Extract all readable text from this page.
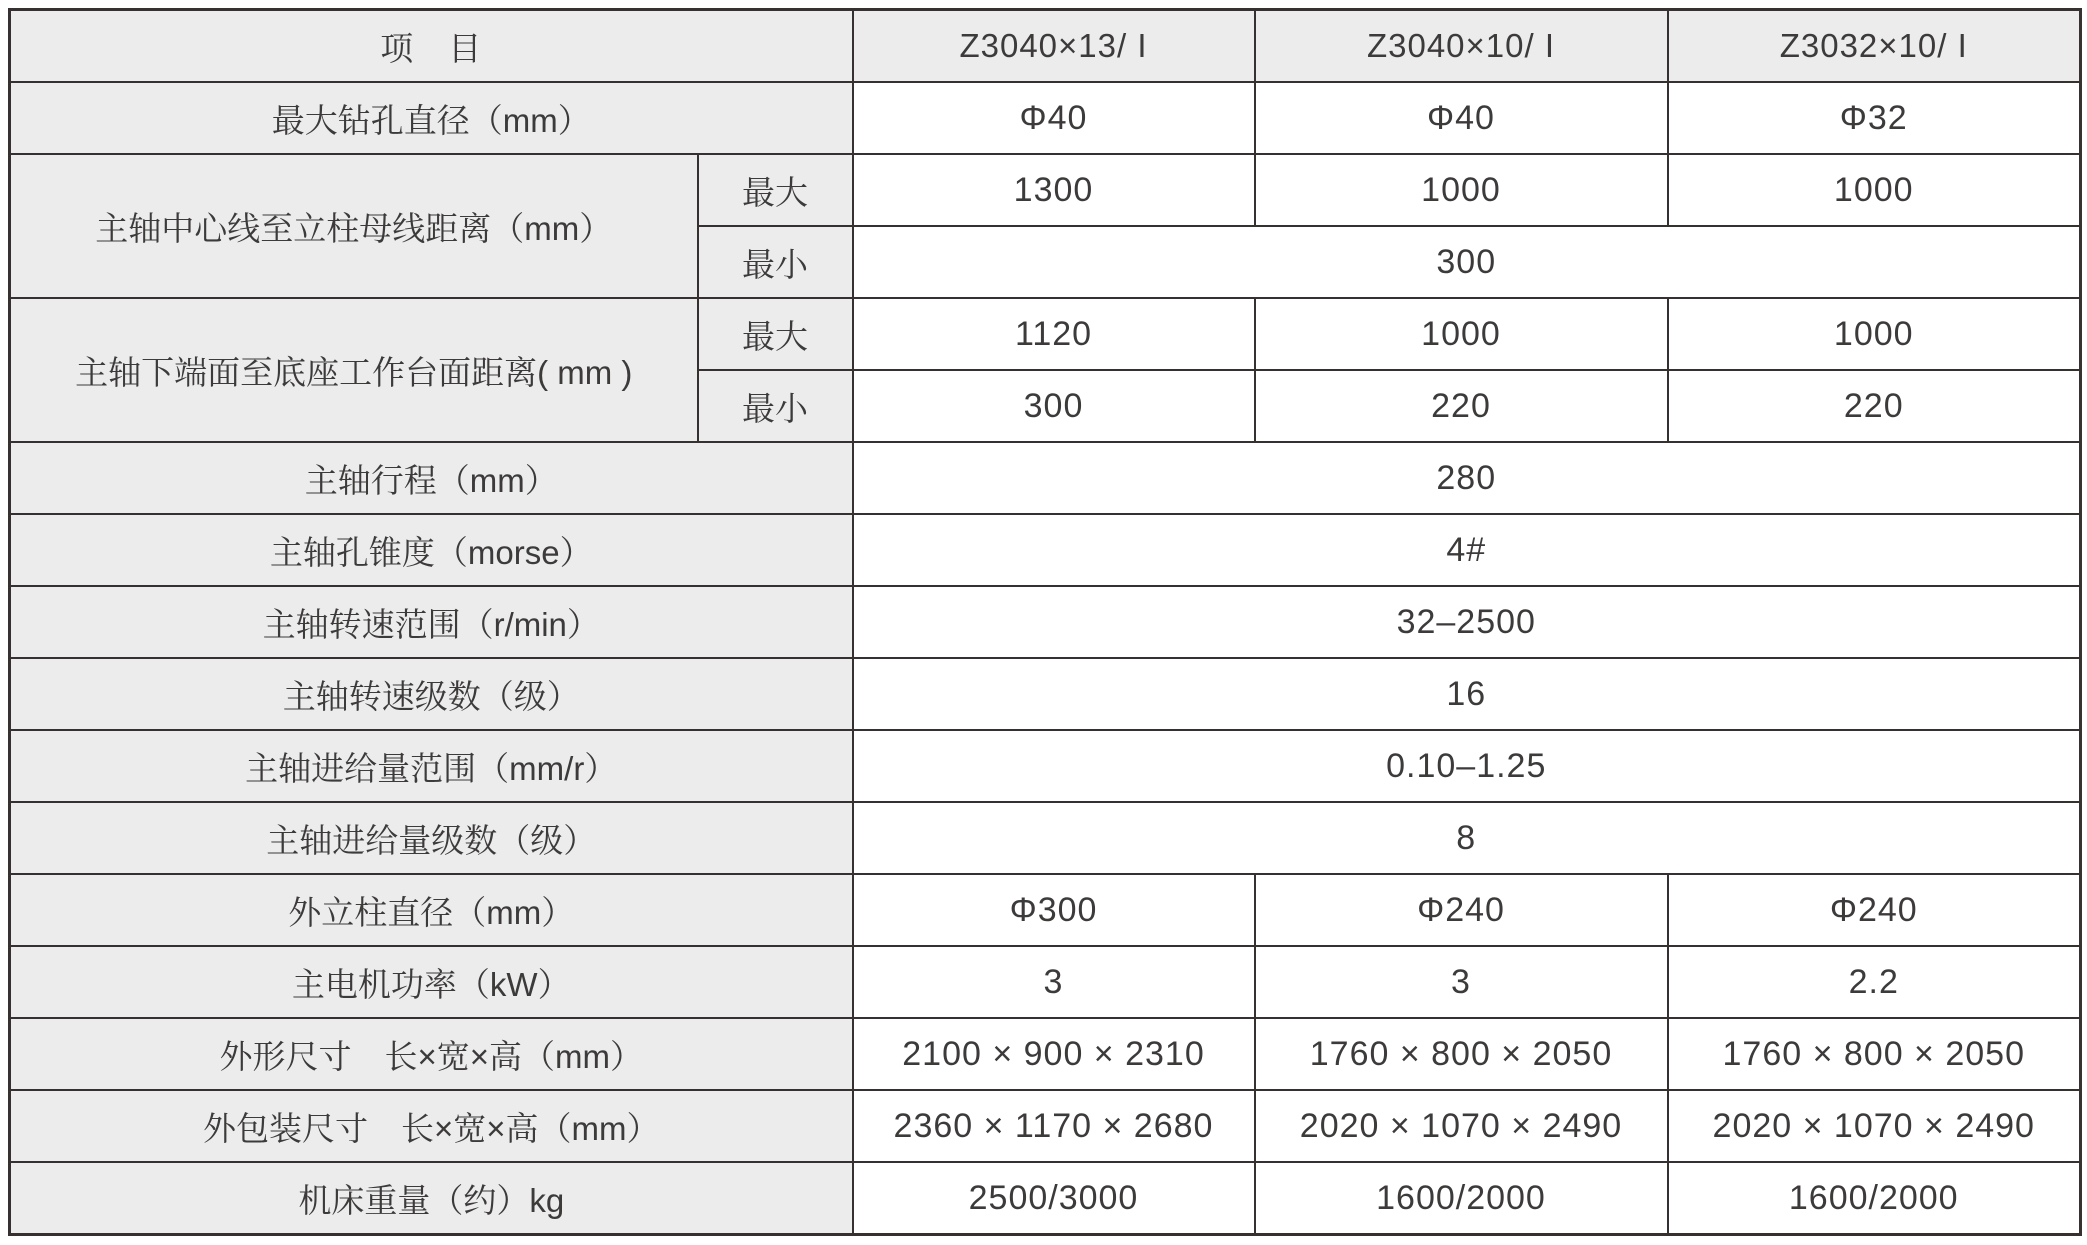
项　目		Z3040×13/ I	Z3040×10/ I	Z3032×10/ I
最大钻孔直径（mm）		Φ40	Φ40	Φ32
主轴中心线至立柱母线距离（mm）	最大	1300	1000	1000
	最小	300		
主轴下端面至底座工作台面距离( mm )	最大	1120	1000	1000
	最小	300	220	220
主轴行程（mm）		280		
主轴孔锥度（morse）		4#		
主轴转速范围（r/min）		32–2500		
主轴转速级数（级）		16		
主轴进给量范围（mm/r）		0.10–1.25		
主轴进给量级数（级）		8		
外立柱直径（mm）		Φ300	Φ240	Φ240
主电机功率（kW）		3	3	2.2
外形尺寸　长×宽×高（mm）		2100 × 900 × 2310	1760 × 800 × 2050	1760 × 800 × 2050
外包装尺寸　长×宽×高（mm）		2360 × 1170 × 2680	2020 × 1070 × 2490	2020 × 1070 × 2490
机床重量（约）kg		2500/3000	1600/2000	1600/2000
